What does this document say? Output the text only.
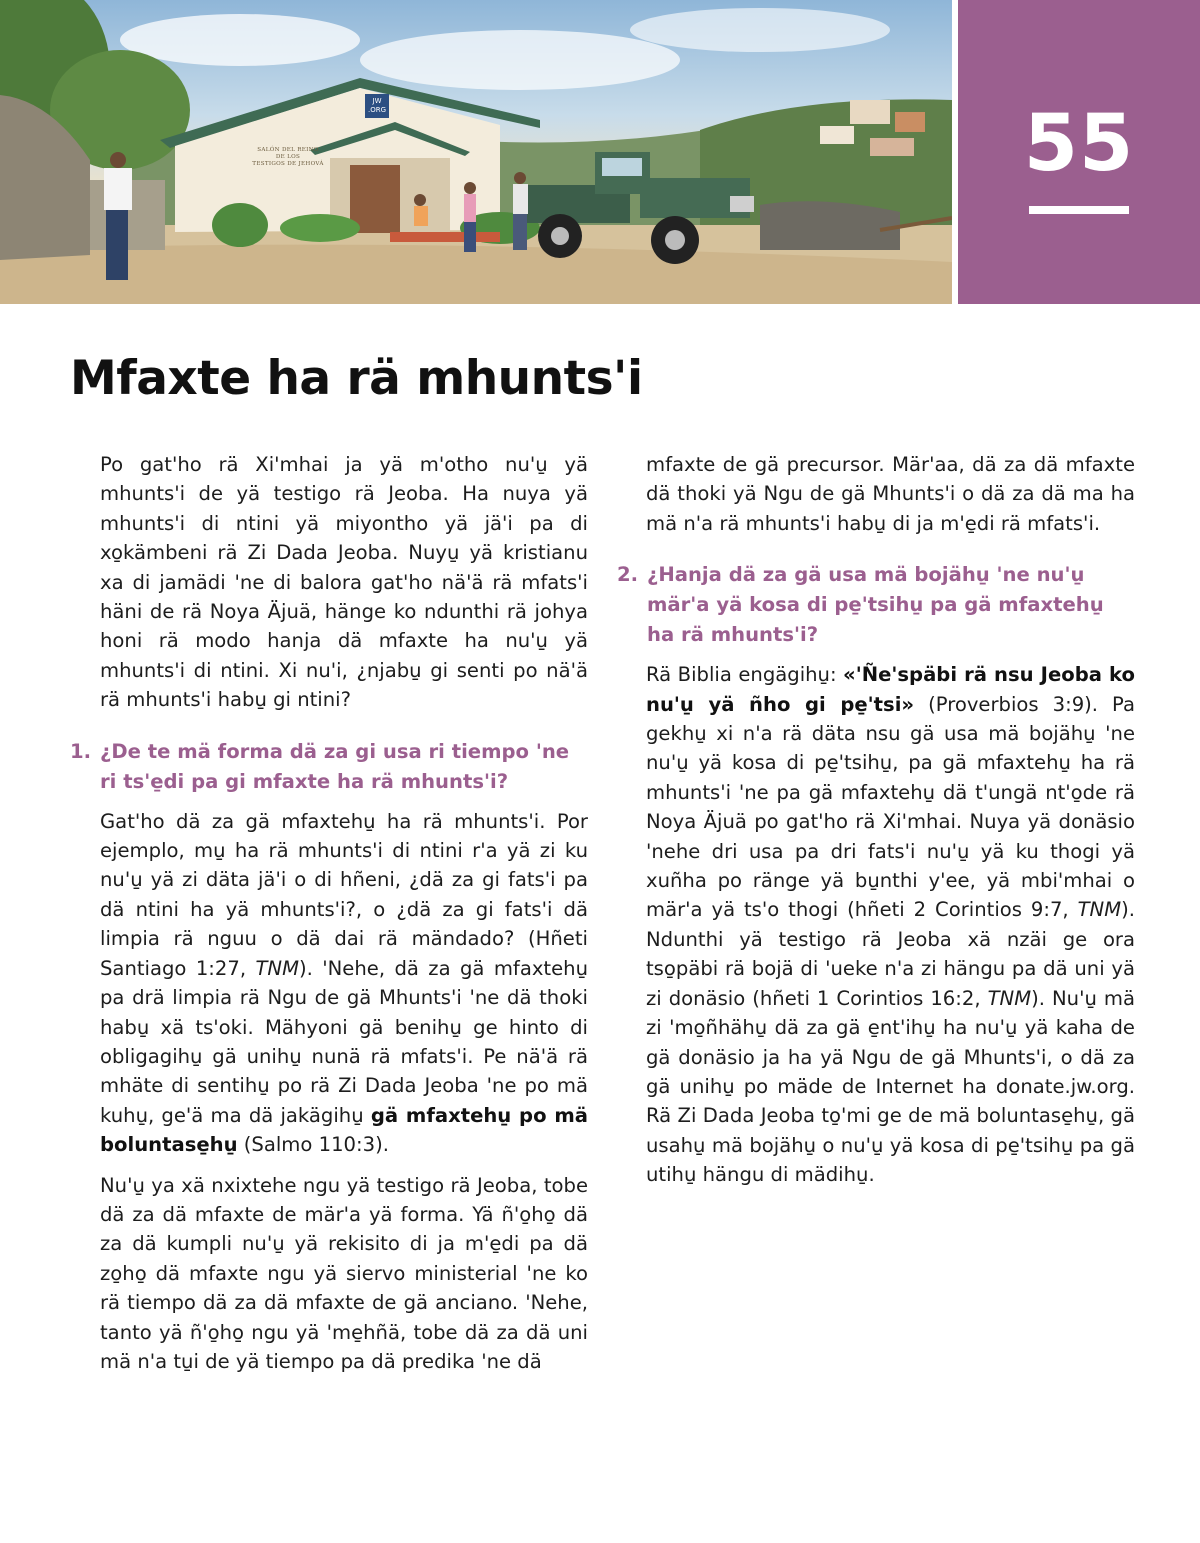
JW
.ORG
SALÓN DEL REINO
DE LOS
TESTIGOS DE JEHOVÁ	55
Mfaxte ha rä mhunts'i

Po gat'ho rä Xi'mhai ja yä m'otho nu'u̱ yä mhunts'i de yä testigo rä Jeoba. Ha nuya yä mhunts'i di ntini yä miyontho yä jä'i pa di xo̱kämbeni rä Zi Dada Jeoba. Nuyu̱ yä kristianu xa di jamädi 'ne di balora gat'ho nä'ä rä mfats'i häni de rä Noya Äjuä, hänge ko ndunthi rä johya honi rä modo hanja dä mfaxte ha nu'u̱ yä mhunts'i di ntini. Xi nu'i, ¿njabu̱ gi senti po nä'ä rä mhunts'i habu̱ gi ntini?

1. ¿De te mä forma dä za gi usa ri tiempo 'ne ri ts'e̱di pa gi mfaxte ha rä mhunts'i?

Gat'ho dä za gä mfaxtehu̱ ha rä mhunts'i. Por ejemplo, mu̱ ha rä mhunts'i di ntini r'a yä zi ku nu'u̱ yä zi däta jä'i o di hñeni, ¿dä za gi fats'i pa dä ntini ha yä mhunts'i?, o ¿dä za gi fats'i dä limpia rä nguu o dä dai rä mändado? (Hñeti Santiago 1:27, TNM). 'Nehe, dä za gä mfaxtehu̱ pa drä limpia rä Ngu de gä Mhunts'i 'ne dä thoki habu̱ xä ts'oki. Mähyoni gä benihu̱ ge hinto di obligagihu̱ gä unihu̱ nunä rä mfats'i. Pe nä'ä rä mhäte di sentihu̱ po rä Zi Dada Jeoba 'ne po mä kuhu̱, ge'ä ma dä jakägihu̱ gä mfaxtehu̱ po mä boluntase̱hu̱ (Salmo 110:3).

Nu'u̱ ya xä nxixtehe ngu yä testigo rä Jeoba, tobe dä za dä mfaxte de mär'a yä forma. Yä ñ'o̱ho̱ dä za dä kumpli nu'u̱ yä rekisito di ja m'e̱di pa dä zo̱ho̱ dä mfaxte ngu yä siervo ministerial 'ne ko rä tiempo dä za dä mfaxte de gä anciano. 'Nehe, tanto yä ñ'o̱ho̱ ngu yä 'me̱hñä, tobe dä za dä uni mä n'a tu̱i de yä tiempo pa dä predika 'ne dä

mfaxte de gä precursor. Mär'aa, dä za dä mfaxte dä thoki yä Ngu de gä Mhunts'i o dä za dä ma ha mä n'a rä mhunts'i habu̱ di ja m'e̱di rä mfats'i.

2. ¿Hanja dä za gä usa mä bojähu̱ 'ne nu'u̱ mär'a yä kosa di pe̱'tsihu̱ pa gä mfaxtehu̱ ha rä mhunts'i?

Rä Biblia engägihu̱: «'Ñe'späbi rä nsu Jeoba ko nu'u̱ yä ñho gi pe̱'tsi» (Proverbios 3:9). Pa gekhu̱ xi n'a rä däta nsu gä usa mä bojähu̱ 'ne nu'u̱ yä kosa di pe̱'tsihu̱, pa gä mfaxtehu̱ ha rä mhunts'i 'ne pa gä mfaxtehu̱ dä t'ungä nt'o̱de rä Noya Äjuä po gat'ho rä Xi'mhai. Nuya yä donäsio 'nehe dri usa pa dri fats'i nu'u̱ yä ku thogi yä xuñha po ränge yä bu̱nthi y'ee, yä mbi'mhai o mär'a yä ts'o thogi (hñeti 2 Corintios 9:7, TNM). Ndunthi yä testigo rä Jeoba xä nzäi ge ora tso̱päbi rä bojä di 'ueke n'a zi hängu pa dä uni yä zi donäsio (hñeti 1 Corintios 16:2, TNM). Nu'u̱ mä zi 'mo̱ñhähu̱ dä za gä e̱nt'ihu̱ ha nu'u̱ yä kaha de gä donäsio ja ha yä Ngu de gä Mhunts'i, o dä za gä unihu̱ po mäde de Internet ha donate.jw.org. Rä Zi Dada Jeoba to̱'mi ge de mä boluntase̱hu̱, gä usahu̱ mä bojähu̱ o nu'u̱ yä kosa di pe̱'tsihu̱ pa gä utihu̱ hängu di mädihu̱.
